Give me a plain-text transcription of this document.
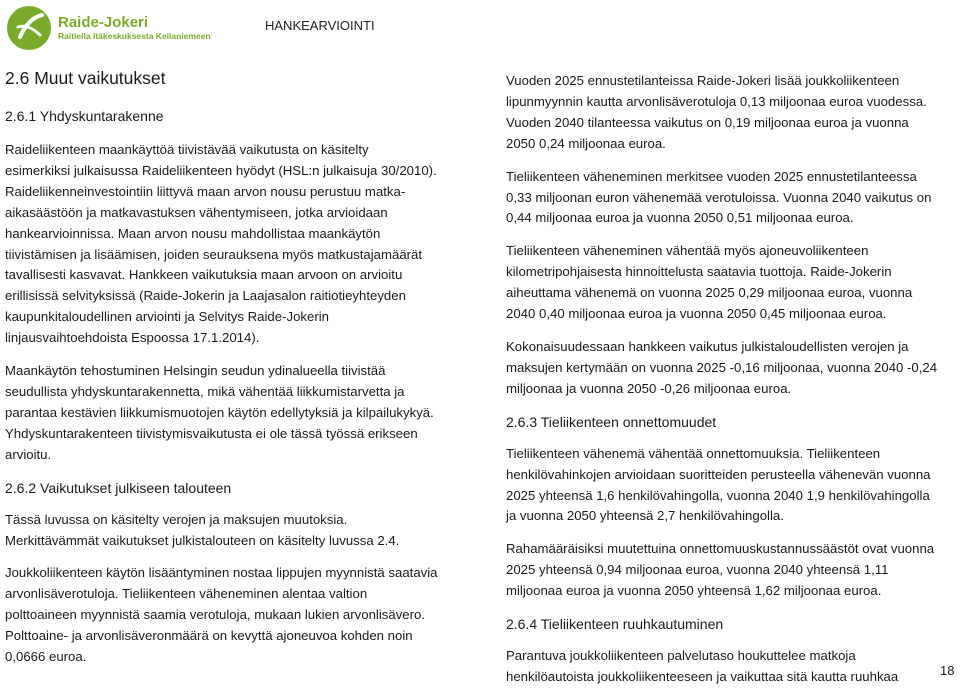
Raide-Jokeri
Raitiella Itäkeskuksesta Keilaniemeen
HANKEARVIOINTI

2.6 Muut vaikutukset

2.6.1 Yhdyskuntarakenne

Raideliikenteen maankäyttöä tiivistävää vaikutusta on käsitelty

esimerkiksi julkaisussa Raideliikenteen hyödyt (HSL:n julkaisuja 30/2010).

Raideliikenneinvestointiin liittyvä maan arvon nousu perustuu matka-

aikasäästöön ja matkavastuksen vähentymiseen, jotka arvioidaan

hankearvioinnissa. Maan arvon nousu mahdollistaa maankäytön

tiivistämisen ja lisäämisen, joiden seurauksena myös matkustajamäärät

tavallisesti kasvavat. Hankkeen vaikutuksia maan arvoon on arvioitu

erillisissä selvityksissä (Raide-Jokerin ja Laajasalon raitiotieyhteyden

kaupunkitaloudellinen arviointi ja Selvitys Raide-Jokerin

linjausvaihtoehdoista Espoossa 17.1.2014).

Maankäytön tehostuminen Helsingin seudun ydinalueella tiivistää

seudullista yhdyskuntarakennetta, mikä vähentää liikkumistarvetta ja

parantaa kestävien liikkumismuotojen käytön edellytyksiä ja kilpailukykyä.

Yhdyskuntarakenteen tiivistymisvaikutusta ei ole tässä työssä erikseen

arvioitu.

2.6.2 Vaikutukset julkiseen talouteen

Tässä luvussa on käsitelty verojen ja maksujen muutoksia.

Merkittävämmät vaikutukset julkistalouteen on käsitelty luvussa 2.4.

Joukkoliikenteen käytön lisääntyminen nostaa lippujen myynnistä saatavia

arvonlisäverotuloja. Tieliikenteen väheneminen alentaa valtion

polttoaineen myynnistä saamia verotuloja, mukaan lukien arvonlisävero.

Polttoaine- ja arvonlisäveronmäärä on kevyttä ajoneuvoa kohden noin

0,0666 euroa.

Vuoden 2025 ennustetilanteissa Raide-Jokeri lisää joukkoliikenteen

lipunmyynnin kautta arvonlisäverotuloja 0,13 miljoonaa euroa vuodessa.

Vuoden 2040 tilanteessa vaikutus on 0,19 miljoonaa euroa ja vuonna

2050 0,24 miljoonaa euroa.

Tieliikenteen väheneminen merkitsee vuoden 2025 ennustetilanteessa

0,33 miljoonan euron vähenemää verotuloissa. Vuonna 2040 vaikutus on

0,44 miljoonaa euroa ja vuonna 2050 0,51 miljoonaa euroa.

Tieliikenteen väheneminen vähentää myös ajoneuvoliikenteen

kilometripohjaisesta hinnoittelusta saatavia tuottoja. Raide-Jokerin

aiheuttama vähenemä on vuonna 2025 0,29 miljoonaa euroa, vuonna

2040 0,40 miljoonaa euroa ja vuonna 2050 0,45 miljoonaa euroa.

Kokonaisuudessaan hankkeen vaikutus julkistaloudellisten verojen ja

maksujen kertymään on vuonna 2025 -0,16 miljoonaa, vuonna 2040 -0,24

miljoonaa ja vuonna 2050 -0,26 miljoonaa euroa.

2.6.3 Tieliikenteen onnettomuudet

Tieliikenteen vähenemä vähentää onnettomuuksia. Tieliikenteen

henkilövahinkojen arvioidaan suoritteiden perusteella vähenevän vuonna

2025 yhteensä 1,6 henkilövahingolla, vuonna 2040 1,9 henkilövahingolla

ja vuonna 2050 yhteensä 2,7 henkilövahingolla.

Rahamääräisiksi muutettuina onnettomuuskustannussäästöt ovat vuonna

2025 yhteensä 0,94 miljoonaa euroa, vuonna 2040 yhteensä 1,11

miljoonaa euroa ja vuonna 2050 yhteensä 1,62 miljoonaa euroa.

2.6.4 Tieliikenteen ruuhkautuminen

Parantuva joukkoliikenteen palvelutaso houkuttelee matkoja

henkilöautoista joukkoliikenteeseen ja vaikuttaa sitä kautta ruuhkaa	18
